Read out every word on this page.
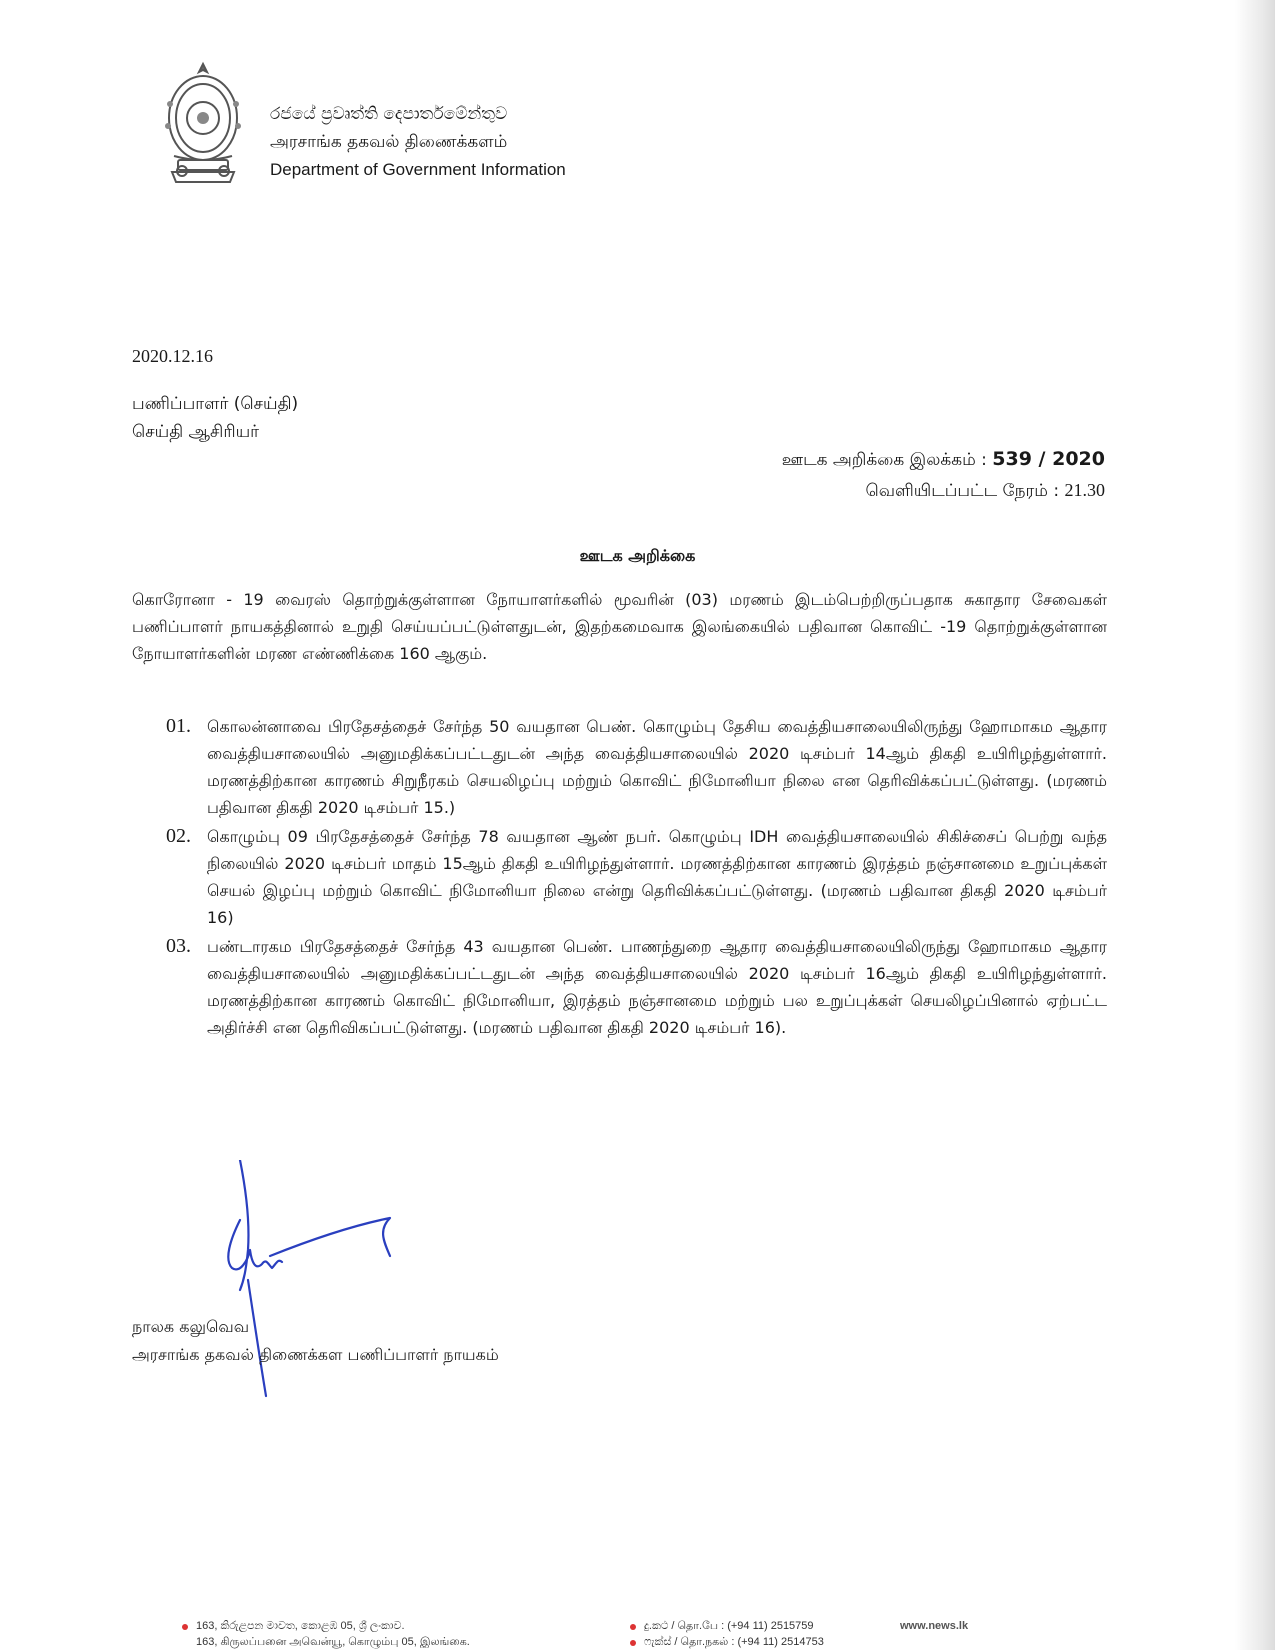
රජයේ ප්‍රවෘත්ති දෙපාර්තමේන්තුව
அரசாங்க தகவல் திணைக்களம்
Department of Government Information
2020.12.16
பணிப்பாளர் (செய்தி)
செய்தி ஆசிரியர்
ஊடக அறிக்கை இலக்கம் : 539 / 2020
வெளியிடப்பட்ட நேரம் : 21.30
ஊடக அறிக்கை
கொரோனா - 19 வைரஸ் தொற்றுக்குள்ளான நோயாளர்களில் மூவரின் (03) மரணம் இடம்பெற்றிருப்பதாக சுகாதார சேவைகள் பணிப்பாளர் நாயகத்தினால் உறுதி செய்யப்பட்டுள்ளதுடன், இதற்கமைவாக இலங்கையில் பதிவான கொவிட் -19 தொற்றுக்குள்ளான நோயாளர்களின் மரண எண்ணிக்கை 160 ஆகும்.
01. கொலன்னாவை பிரதேசத்தைச் சேர்ந்த 50 வயதான பெண். கொழும்பு தேசிய வைத்தியசாலையிலிருந்து ஹோமாகம ஆதார வைத்தியசாலையில் அனுமதிக்கப்பட்டதுடன் அந்த வைத்தியசாலையில் 2020 டிசம்பர் 14ஆம் திகதி உயிரிழந்துள்ளார். மரணத்திற்கான காரணம் சிறுநீரகம் செயலிழப்பு மற்றும் கொவிட் நிமோனியா நிலை என தெரிவிக்கப்பட்டுள்ளது. (மரணம் பதிவான திகதி 2020 டிசம்பர் 15.)
02. கொழும்பு 09 பிரதேசத்தைச் சேர்ந்த 78 வயதான ஆண் நபர். கொழும்பு IDH வைத்தியசாலையில் சிகிச்சைப் பெற்று வந்த நிலையில் 2020 டிசம்பர் மாதம் 15ஆம் திகதி உயிரிழந்துள்ளார். மரணத்திற்கான காரணம் இரத்தம் நஞ்சானமை உறுப்புக்கள் செயல் இழப்பு மற்றும் கொவிட் நிமோனியா நிலை என்று தெரிவிக்கப்பட்டுள்ளது. (மரணம் பதிவான திகதி 2020 டிசம்பர் 16)
03. பண்டாரகம பிரதேசத்தைச் சேர்ந்த 43 வயதான பெண். பாணந்துறை ஆதார வைத்தியசாலையிலிருந்து ஹோமாகம ஆதார வைத்தியசாலையில் அனுமதிக்கப்பட்டதுடன் அந்த வைத்தியசாலையில் 2020 டிசம்பர் 16ஆம் திகதி உயிரிழந்துள்ளார். மரணத்திற்கான காரணம் கொவிட் நிமோனியா, இரத்தம் நஞ்சானமை மற்றும் பல உறுப்புக்கள் செயலிழப்பினால் ஏற்பட்ட அதிர்ச்சி என தெரிவிகப்பட்டுள்ளது. (மரணம் பதிவான திகதி 2020 டிசம்பர் 16).
நாலக கலுவெவ
அரசாங்க தகவல் திணைக்கள பணிப்பாளர் நாயகம்
163, කිරුළපන මාවත, කොළඹ 05, ශ්‍රී ලංකාව.
163, கிருலப்பனை அவென்யூ, கொழும்பு 05, இலங்கை.
දු.කථ / தொ.பே : (+94 11) 2515759
ෆැක්ස් / தொ.நகல் : (+94 11) 2514753
www.news.lk
